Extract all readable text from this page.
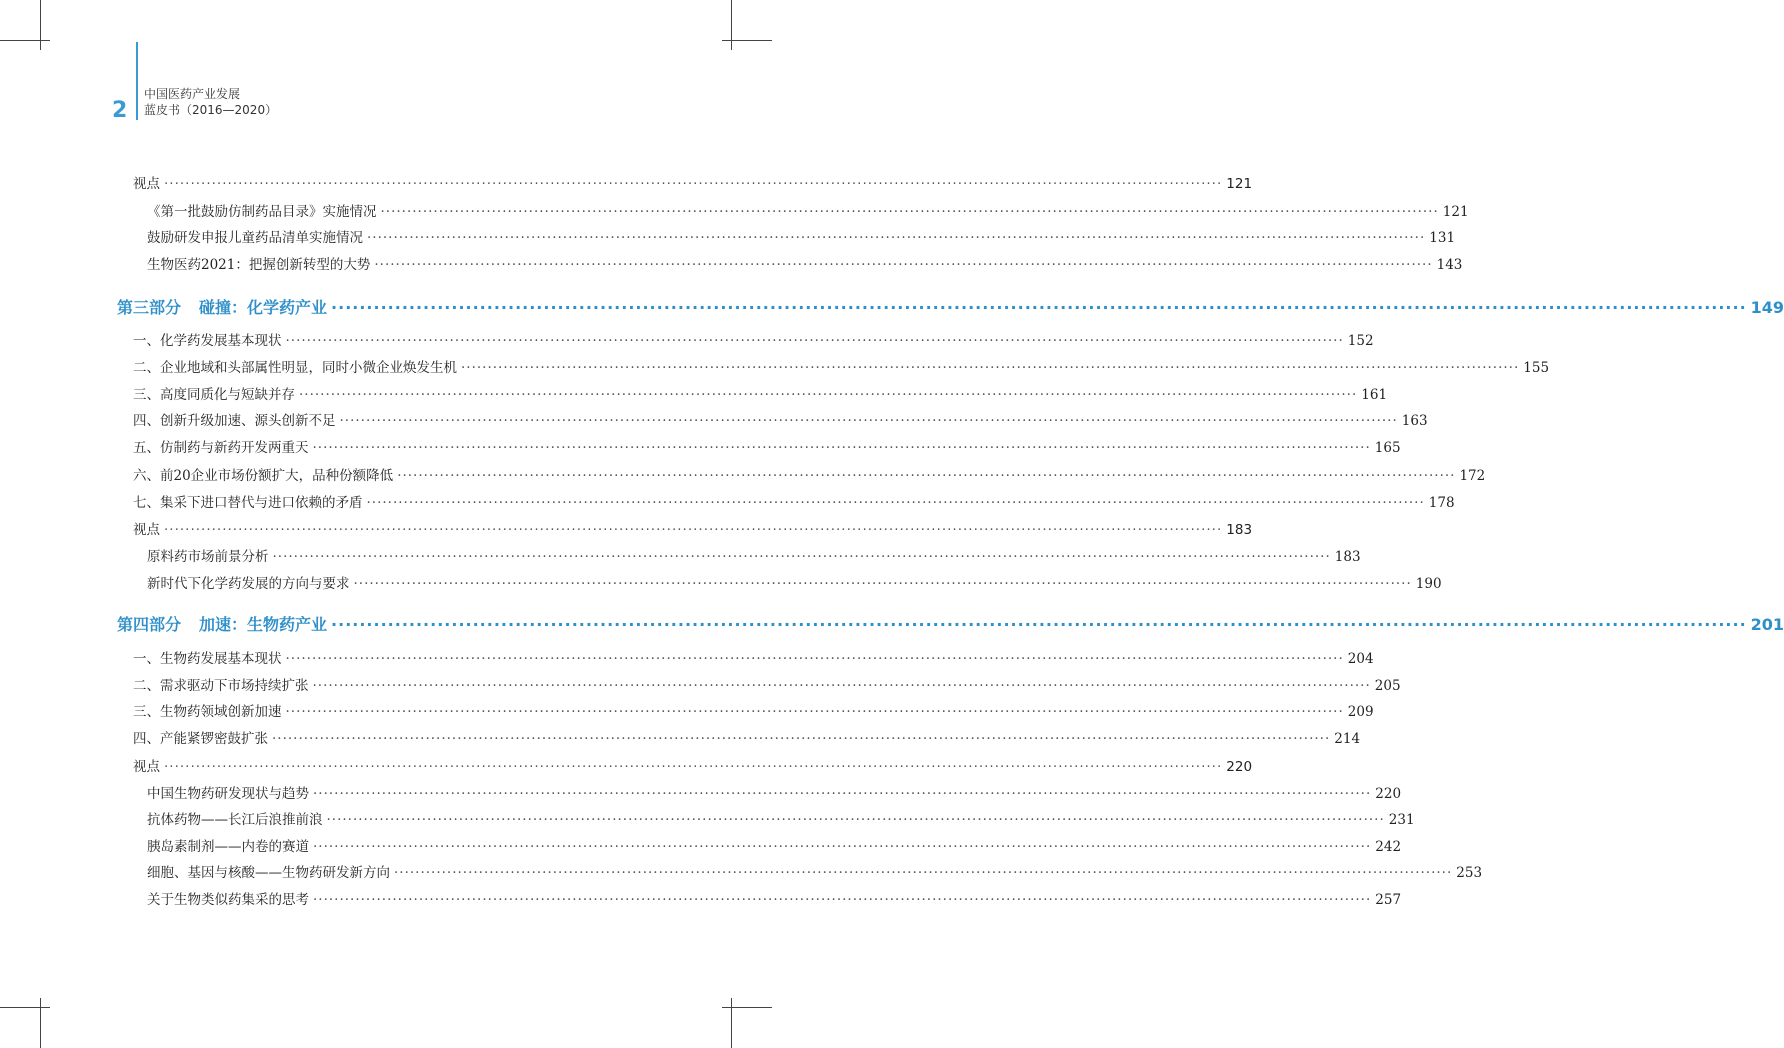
2
中国医药产业发展
蓝皮书（2016—2020）
视点 ········································································································································································································ 121
《第一批鼓励仿制药品目录》实施情况 ········································································································································································································ 121
鼓励研发申报儿童药品清单实施情况 ········································································································································································································ 131
生物医药2021：把握创新转型的大势 ········································································································································································································ 143
第三部分 碰撞：化学药产业 ········································································································································································································ 149
一、化学药发展基本现状 ········································································································································································································ 152
二、企业地域和头部属性明显，同时小微企业焕发生机 ········································································································································································································ 155
三、高度同质化与短缺并存 ········································································································································································································ 161
四、创新升级加速、源头创新不足 ········································································································································································································ 163
五、仿制药与新药开发两重天 ········································································································································································································ 165
六、前20企业市场份额扩大，品种份额降低 ········································································································································································································ 172
七、集采下进口替代与进口依赖的矛盾 ········································································································································································································ 178
视点 ········································································································································································································ 183
原料药市场前景分析 ········································································································································································································ 183
新时代下化学药发展的方向与要求 ········································································································································································································ 190
第四部分 加速：生物药产业 ········································································································································································································ 201
一、生物药发展基本现状 ········································································································································································································ 204
二、需求驱动下市场持续扩张 ········································································································································································································ 205
三、生物药领域创新加速 ········································································································································································································ 209
四、产能紧锣密鼓扩张 ········································································································································································································ 214
视点 ········································································································································································································ 220
中国生物药研发现状与趋势 ········································································································································································································ 220
抗体药物——长江后浪推前浪 ········································································································································································································ 231
胰岛素制剂——内卷的赛道 ········································································································································································································ 242
细胞、基因与核酸——生物药研发新方向 ········································································································································································································ 253
关于生物类似药集采的思考 ········································································································································································································ 257
